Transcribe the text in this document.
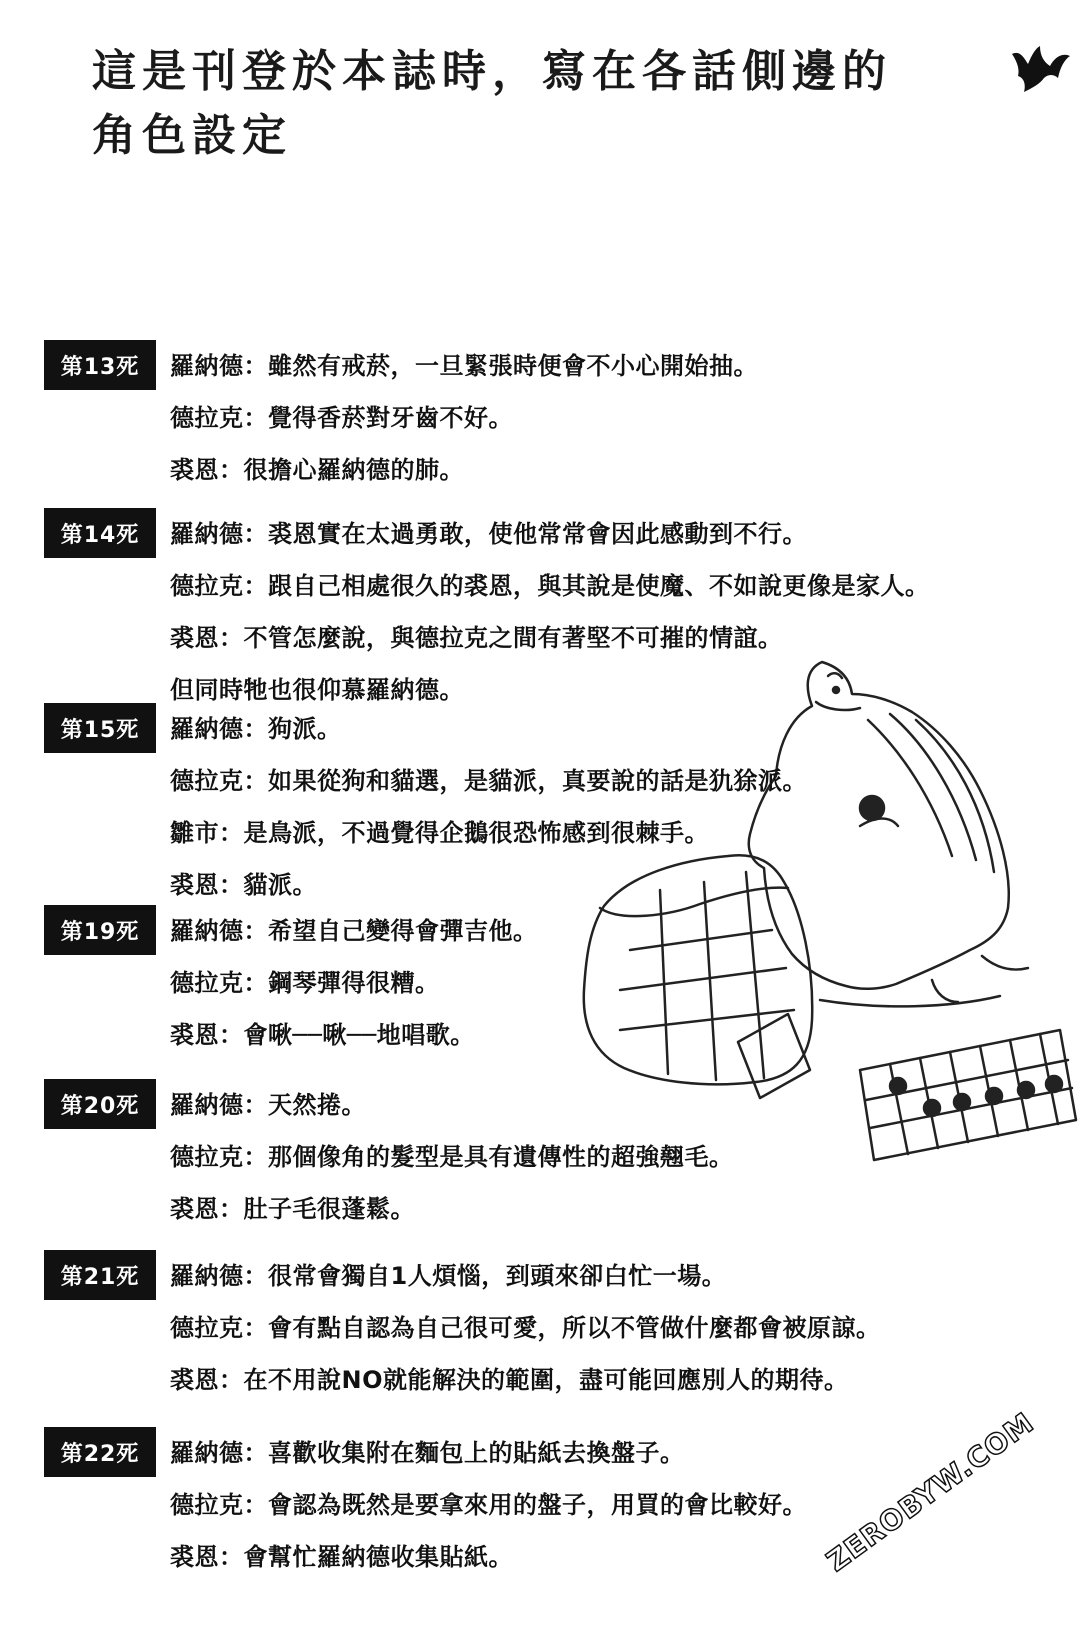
這是刊登於本誌時，寫在各話側邊的
角色設定
第13死	羅納德：雖然有戒菸，一旦緊張時便會不小心開始抽。
德拉克：覺得香菸對牙齒不好。
裘恩：很擔心羅納德的肺。
第14死	羅納德：裘恩實在太過勇敢，使他常常會因此感動到不行。
德拉克：跟自己相處很久的裘恩，與其說是使魔、不如說更像是家人。
裘恩：不管怎麼說，與德拉克之間有著堅不可摧的情誼。
但同時牠也很仰慕羅納德。
第15死	羅納德：狗派。
德拉克：如果從狗和貓選，是貓派，真要說的話是犰狳派。
雛市：是鳥派，不過覺得企鵝很恐怖感到很棘手。
裘恩：貓派。
第19死	羅納德：希望自己變得會彈吉他。
德拉克：鋼琴彈得很糟。
裘恩：會啾──啾──地唱歌。
第20死	羅納德：天然捲。
德拉克：那個像角的髮型是具有遺傳性的超強翹毛。
裘恩：肚子毛很蓬鬆。
第21死	羅納德：很常會獨自1人煩惱，到頭來卻白忙一場。
德拉克：會有點自認為自己很可愛，所以不管做什麼都會被原諒。
裘恩：在不用說NO就能解決的範圍，盡可能回應別人的期待。
第22死	羅納德：喜歡收集附在麵包上的貼紙去換盤子。
德拉克：會認為既然是要拿來用的盤子，用買的會比較好。
裘恩：會幫忙羅納德收集貼紙。	ZEROBYW.COM
